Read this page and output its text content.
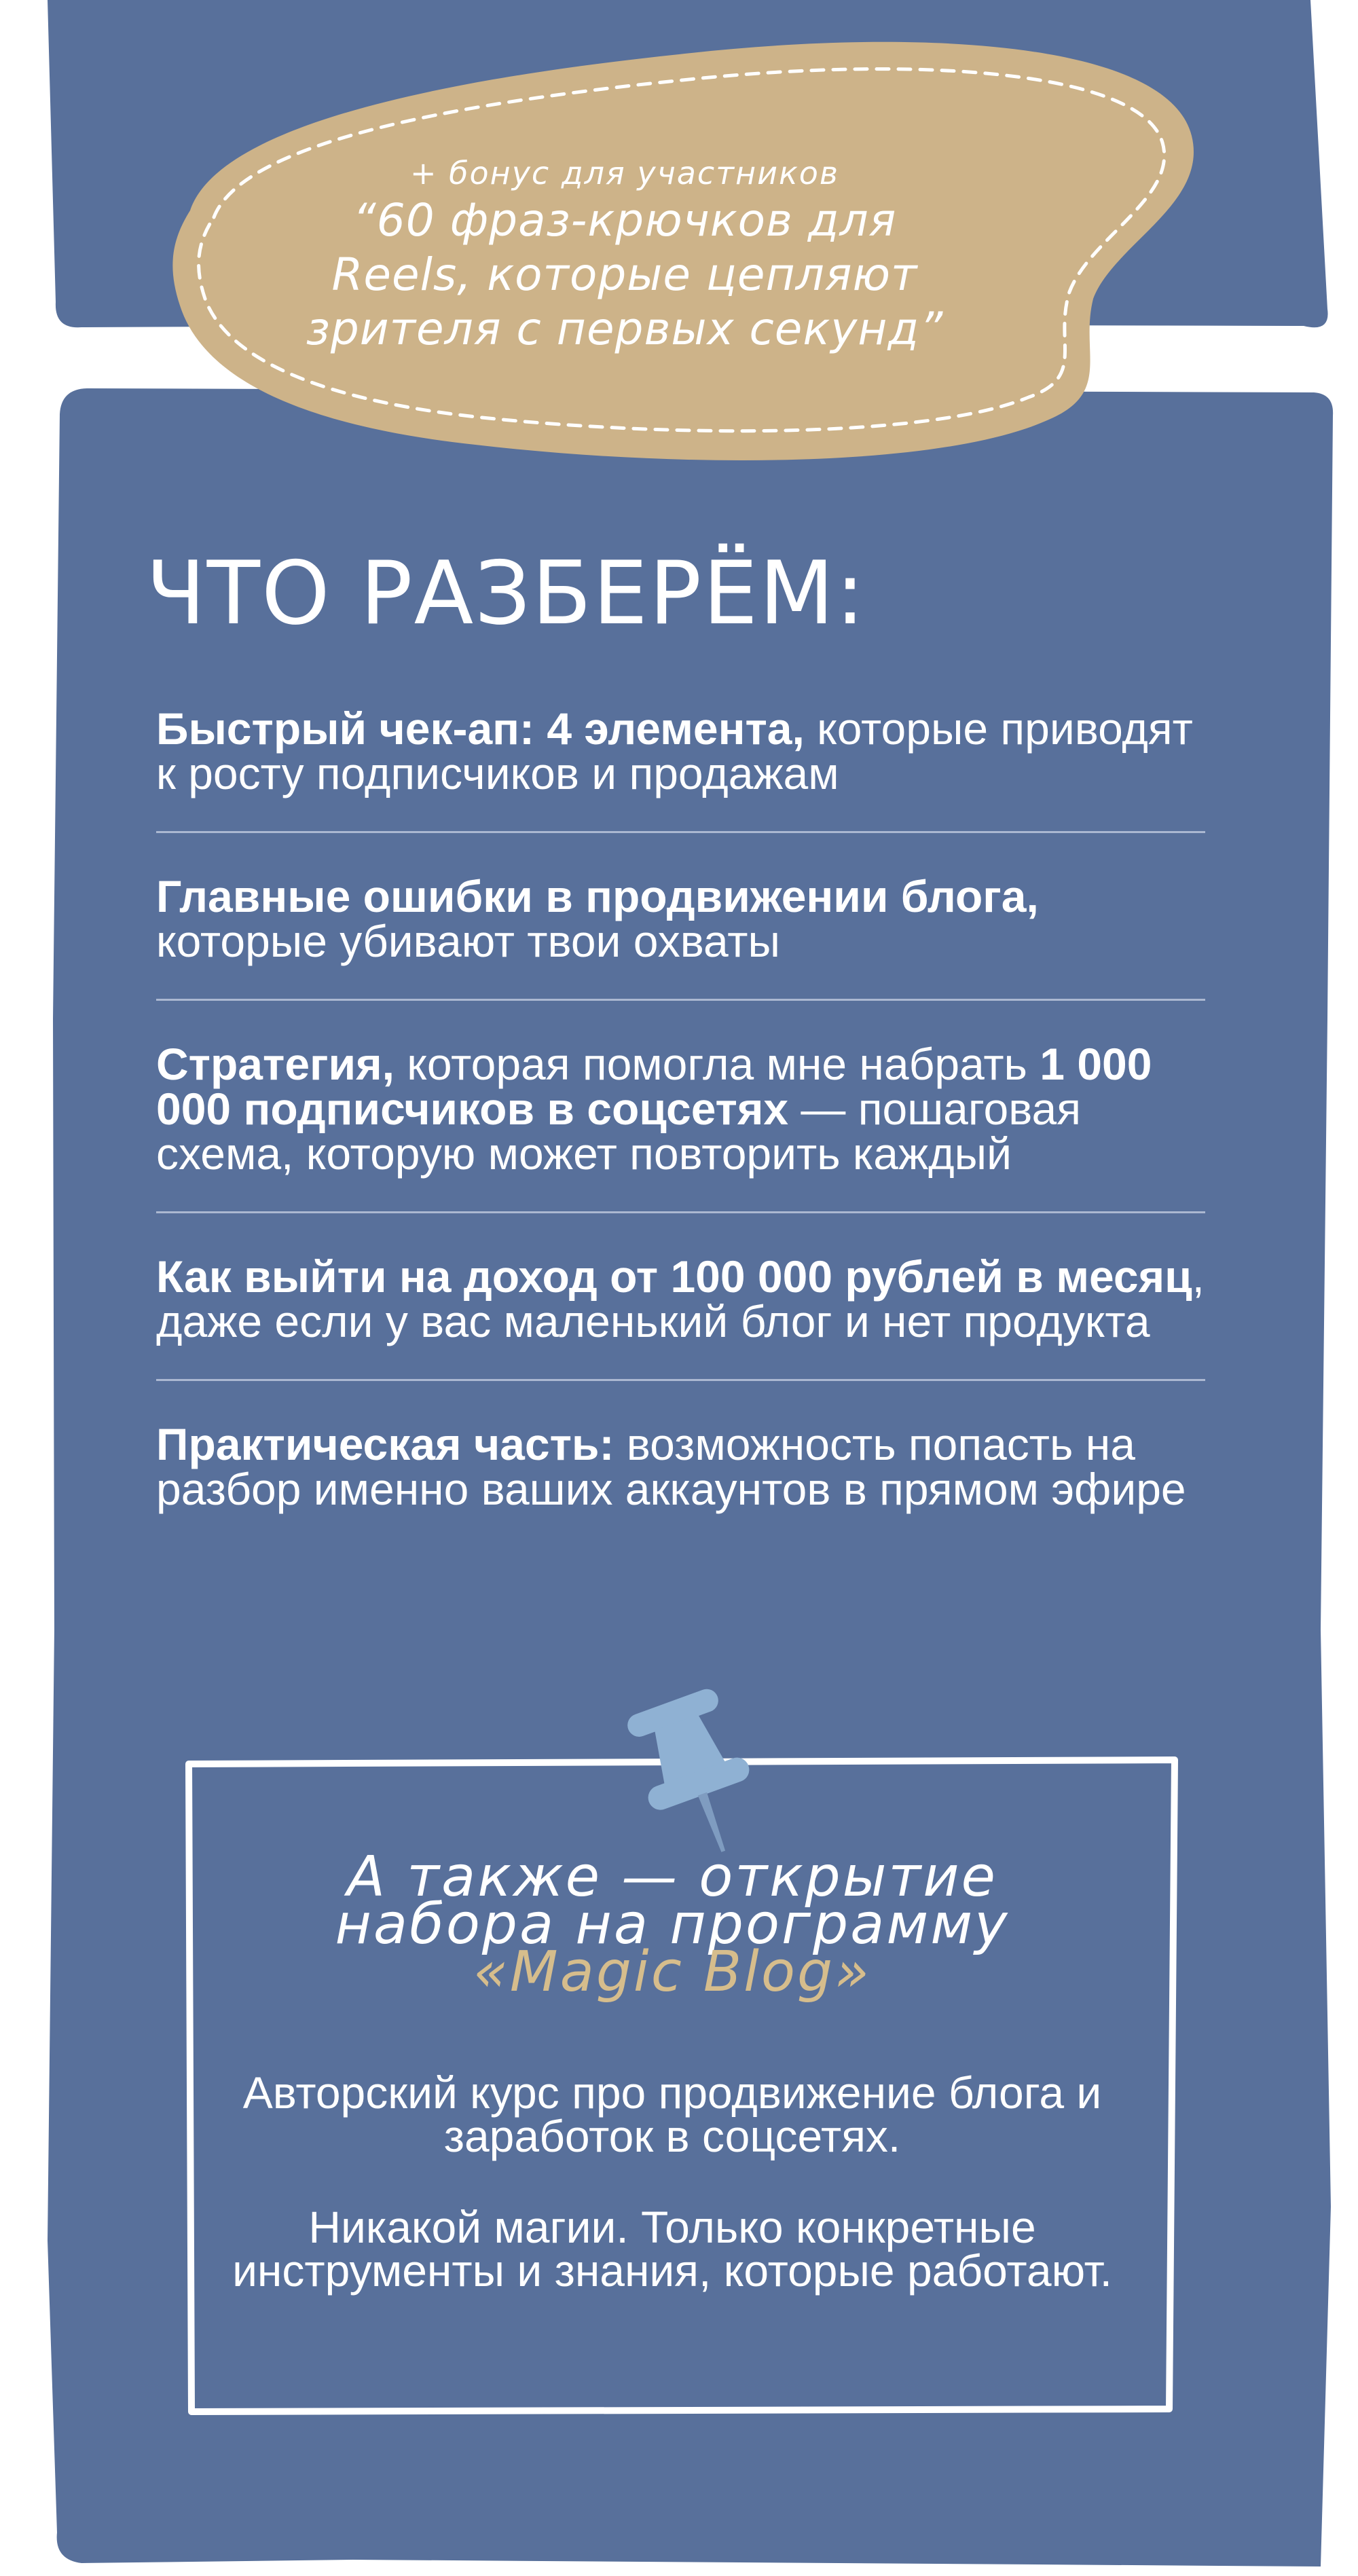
+ бонус для участников
“60 фраз-крючков для
Reels, которые цепляют
зрителя с первых секунд”
ЧТО РАЗБЕРЁМ:
Быстрый чек-ап: 4 элемента, которые приводят к росту подписчиков и продажам
Главные ошибки в продвижении блога, которые убивают твои охваты
Стратегия, которая помогла мне набрать 1 000 000 подписчиков в соцсетях — пошаговая схема, которую может повторить каждый
Как выйти на доход от 100 000 рублей в месяц, даже если у вас маленький блог и нет продукта
Практическая часть: возможность попасть на разбор именно ваших аккаунтов в прямом эфире
А также — открытие
набора на программу
«Magic Blog»

Авторский курс про продвижение блога и заработок в соцсетях.

Никакой магии. Только конкретные инструменты и знания, которые работают.
